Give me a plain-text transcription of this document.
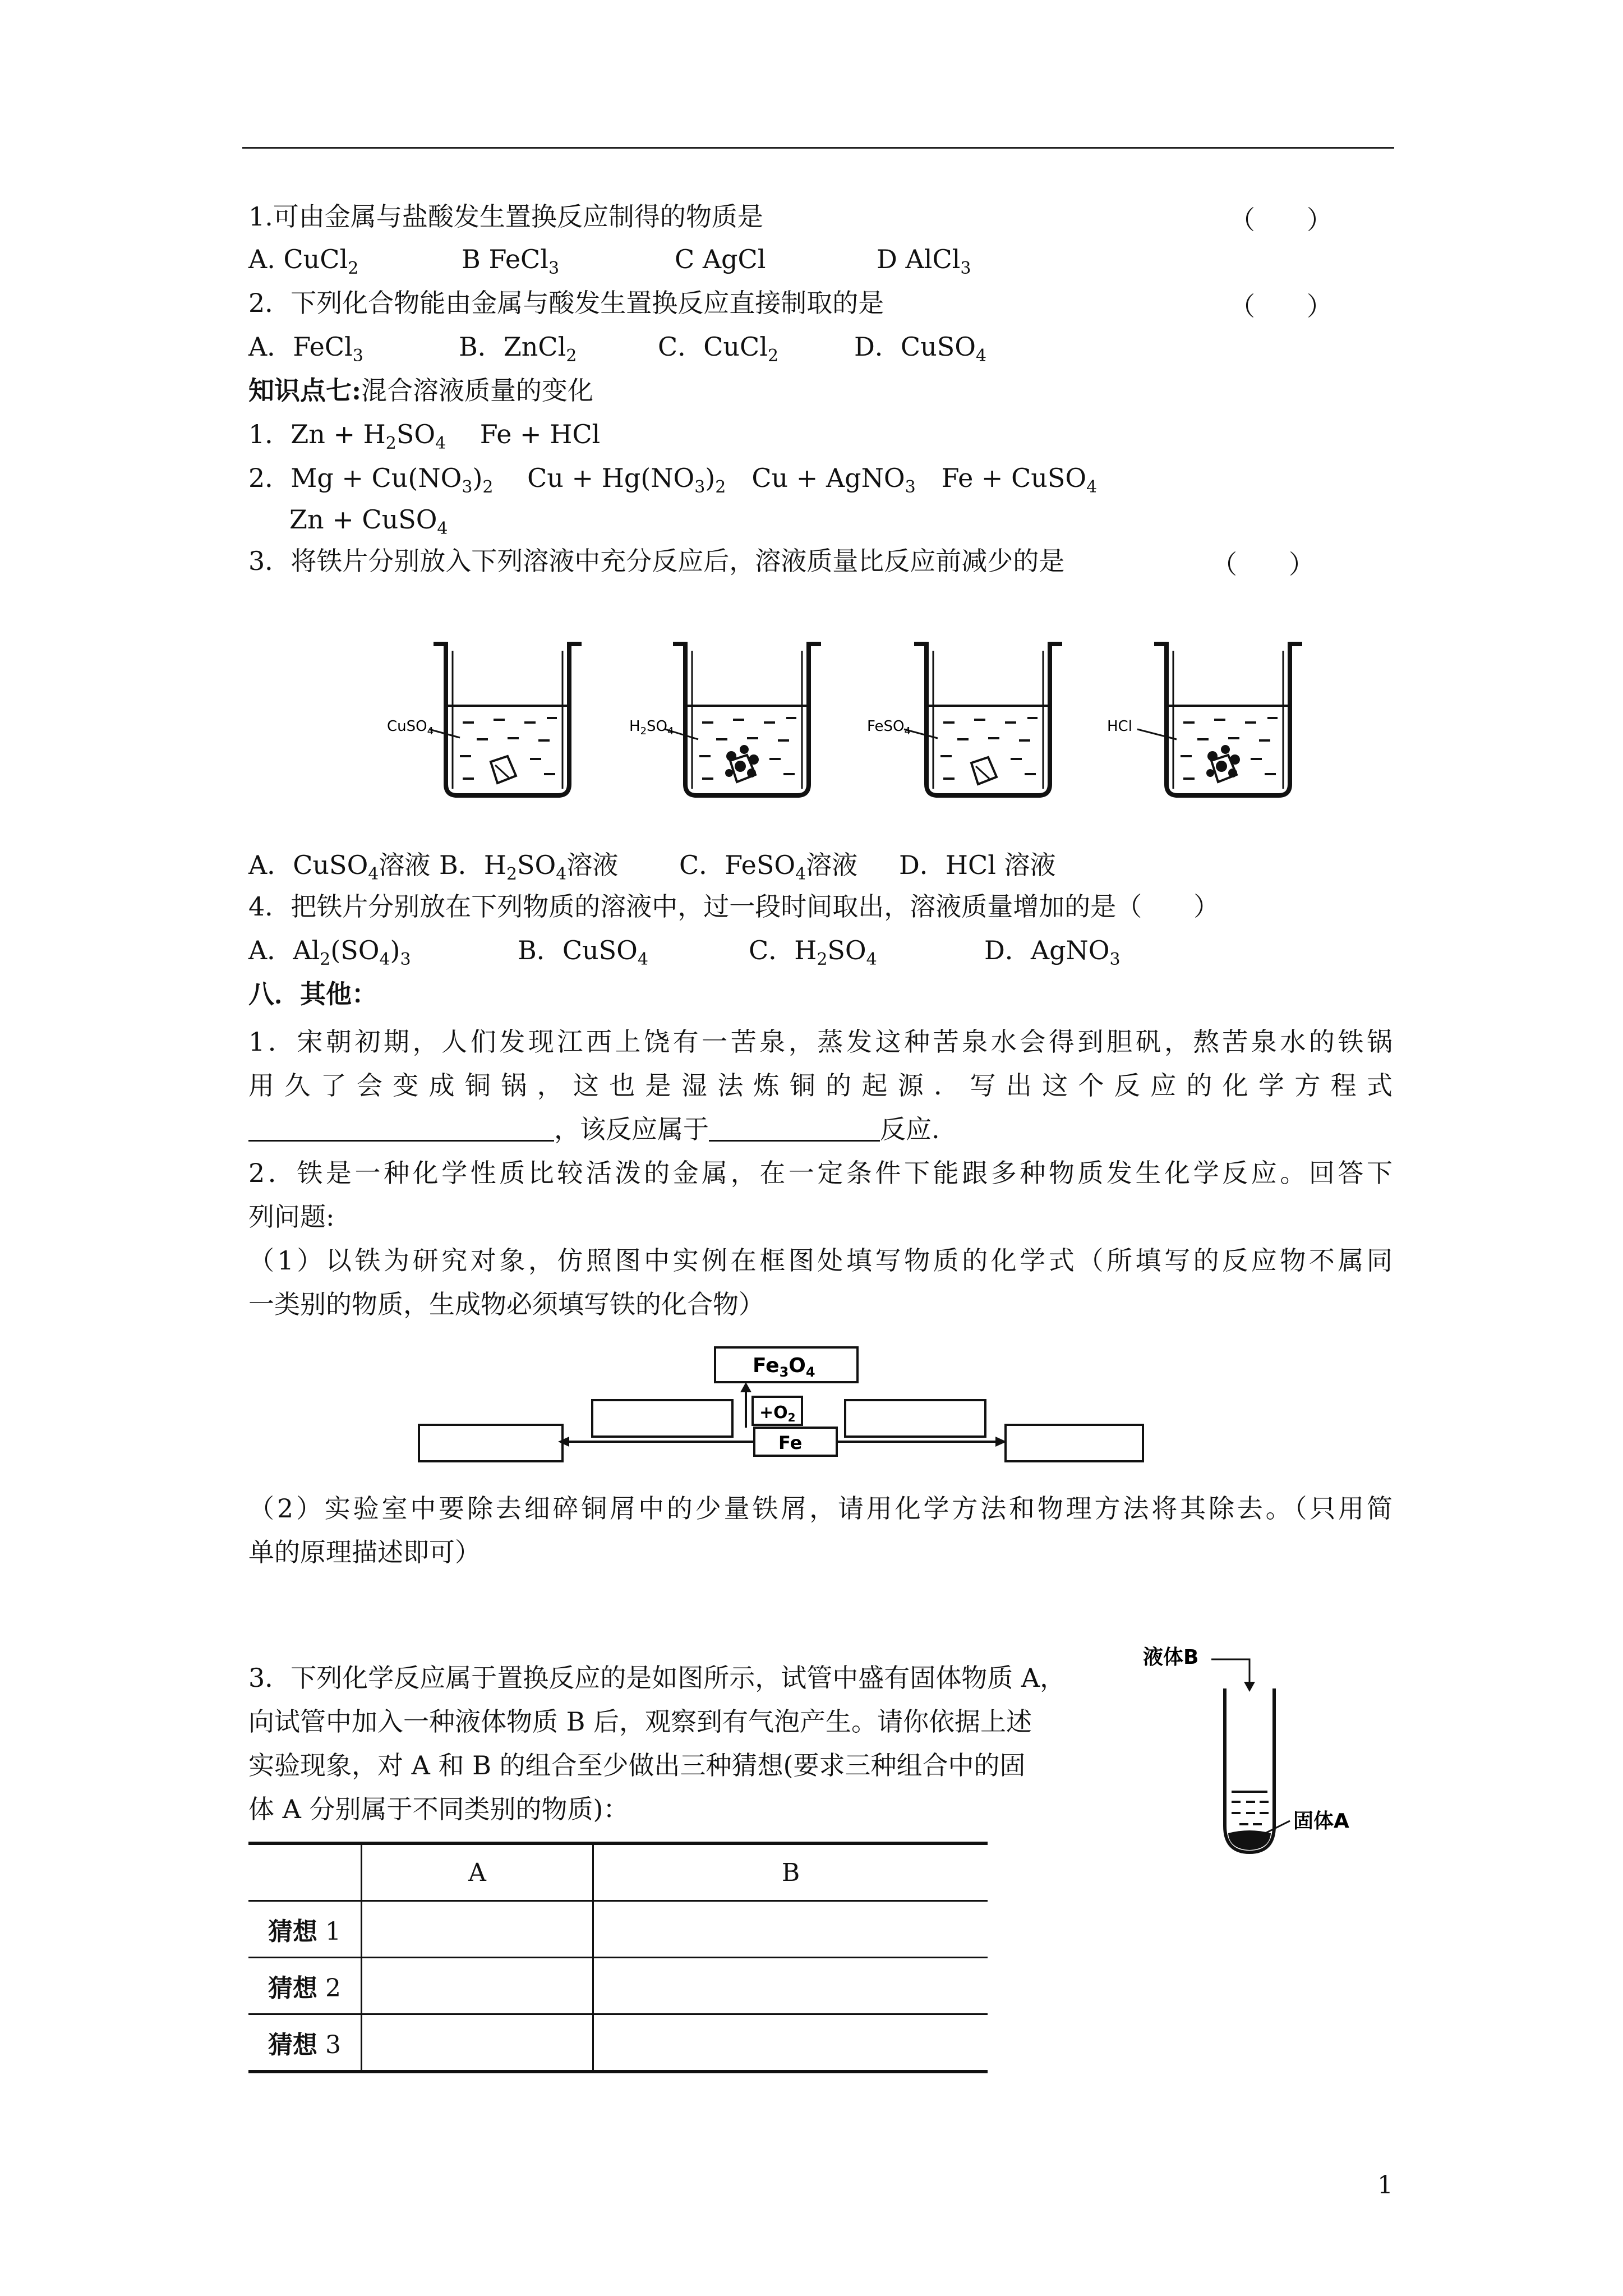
1.可由金属与盐酸发生置换反应制得的物质是	（　　）
A. CuCl$_2$	B FeCl$_3$	C AgCl	D AlCl$_3$
2．下列化合物能由金属与酸发生置换反应直接制取的是	（　　）
A．FeCl$_3$	B．ZnCl$_2$	C．CuCl$_2$	D．CuSO$_4$
知识点七:混合溶液质量的变化
1．$Zn + H_2SO_4$　 Fe + HCl
2．$Mg + Cu(NO_3)_2$　 $Cu + Hg(NO_3)_2$　Cu + AgNO$_3$　Fe + CuSO$_4$
Zn + CuSO$_4$
3．将铁片分别放入下列溶液中充分反应后，溶液质量比反应前减少的是	（　　）
CuSO$_4$	$H_2SO_4$	FeSO$_4$	HCl
$Fe_3O_4$
$+O_2$
Fe
液体B
固体A
A．CuSO$_4$溶液 B．$H_2SO_4$溶液 C．FeSO$_4$溶液 D．HCl 溶液
4．把铁片分别放在下列物质的溶液中，过一段时间取出，溶液质量增加的是（　　）
A．$Al_2(SO_4)_3$	B．CuSO$_4$	C．$H_2SO_4$	D．AgNO$_3$
八．其他：
1．宋朝初期，人们发现江西上饶有一苦泉，蒸发这种苦泉水会得到胆矾，熬苦泉水的铁锅
用久了会变成铜锅，这也是湿法炼铜的起源．写出这个反应的化学方程式
，该反应属于	反应.
2．铁是一种化学性质比较活泼的金属，在一定条件下能跟多种物质发生化学反应。回答下
列问题:
（1）以铁为研究对象，仿照图中实例在框图处填写物质的化学式（所填写的反应物不属同
一类别的物质，生成物必须填写铁的化合物）
（2）实验室中要除去细碎铜屑中的少量铁屑，请用化学方法和物理方法将其除去。（只用简
单的原理描述即可）
3．下列化学反应属于置换反应的是如图所示，试管中盛有固体物质 A，
向试管中加入一种液体物质 B 后，观察到有气泡产生。请你依据上述
实验现象，对 A 和 B 的组合至少做出三种猜想(要求三种组合中的固
体 A 分别属于不同类别的物质)：
	A	B
猜想 1		
猜想 2		
猜想 3		
1
